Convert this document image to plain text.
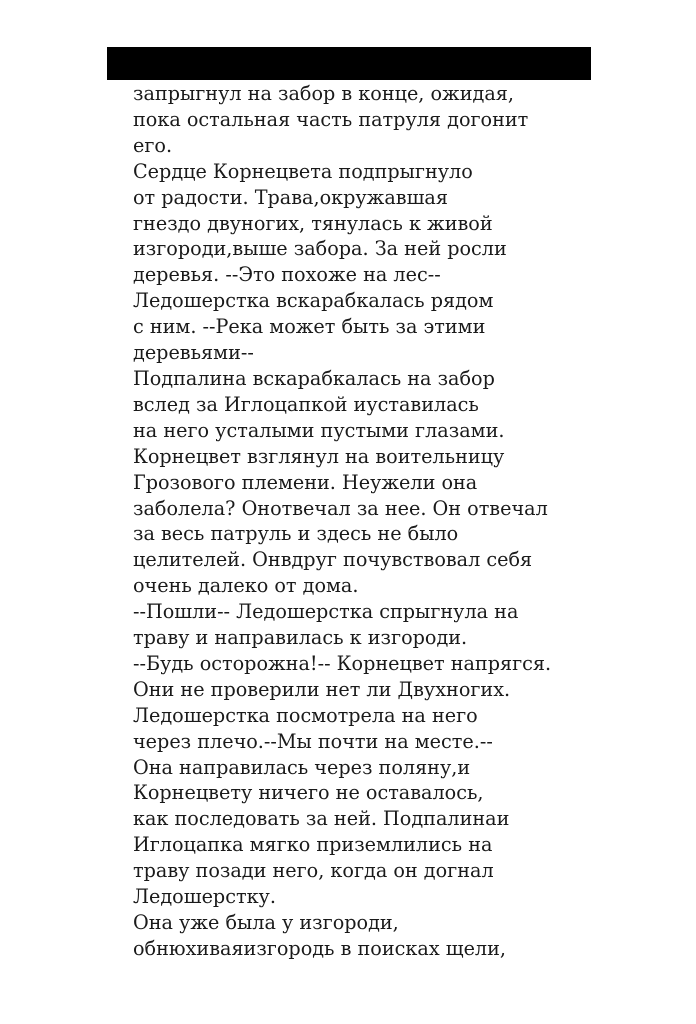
запрыгнул на забор в конце, ожидая,
пока остальная часть патруля догонит
его.
Сердце Корнецвета подпрыгнуло
от радости. Трава,окружавшая
гнездо двуногих, тянулась к живой
изгороди,выше забора. За ней росли
деревья. --Это похоже на лес--
Ледошерстка вскарабкалась рядом
с ним. --Река может быть за этими
деревьями--
Подпалина вскарабкалась на забор
вслед за Иглоцапкой иуставилась
на него усталыми пустыми глазами.
Корнецвет взглянул на воительницу
Грозового племени. Неужели она
заболела? Онотвечал за нее. Он отвечал
за весь патруль и здесь не было
целителей. Онвдруг почувствовал себя
очень далеко от дома.
--Пошли-- Ледошерстка спрыгнула на
траву и направилась к изгороди.
--Будь осторожна!-- Корнецвет напрягся.
Они не проверили нет ли Двухногих.
Ледошерстка посмотрела на него
через плечо.--Мы почти на месте.--
Она направилась через поляну,и
Корнецвету ничего не оставалось,
как последовать за ней. Подпалинаи
Иглоцапка мягко приземлились на
траву позади него, когда он догнал
Ледошерстку.
Она уже была у изгороди,
обнюхиваяизгородь в поисках щели,
